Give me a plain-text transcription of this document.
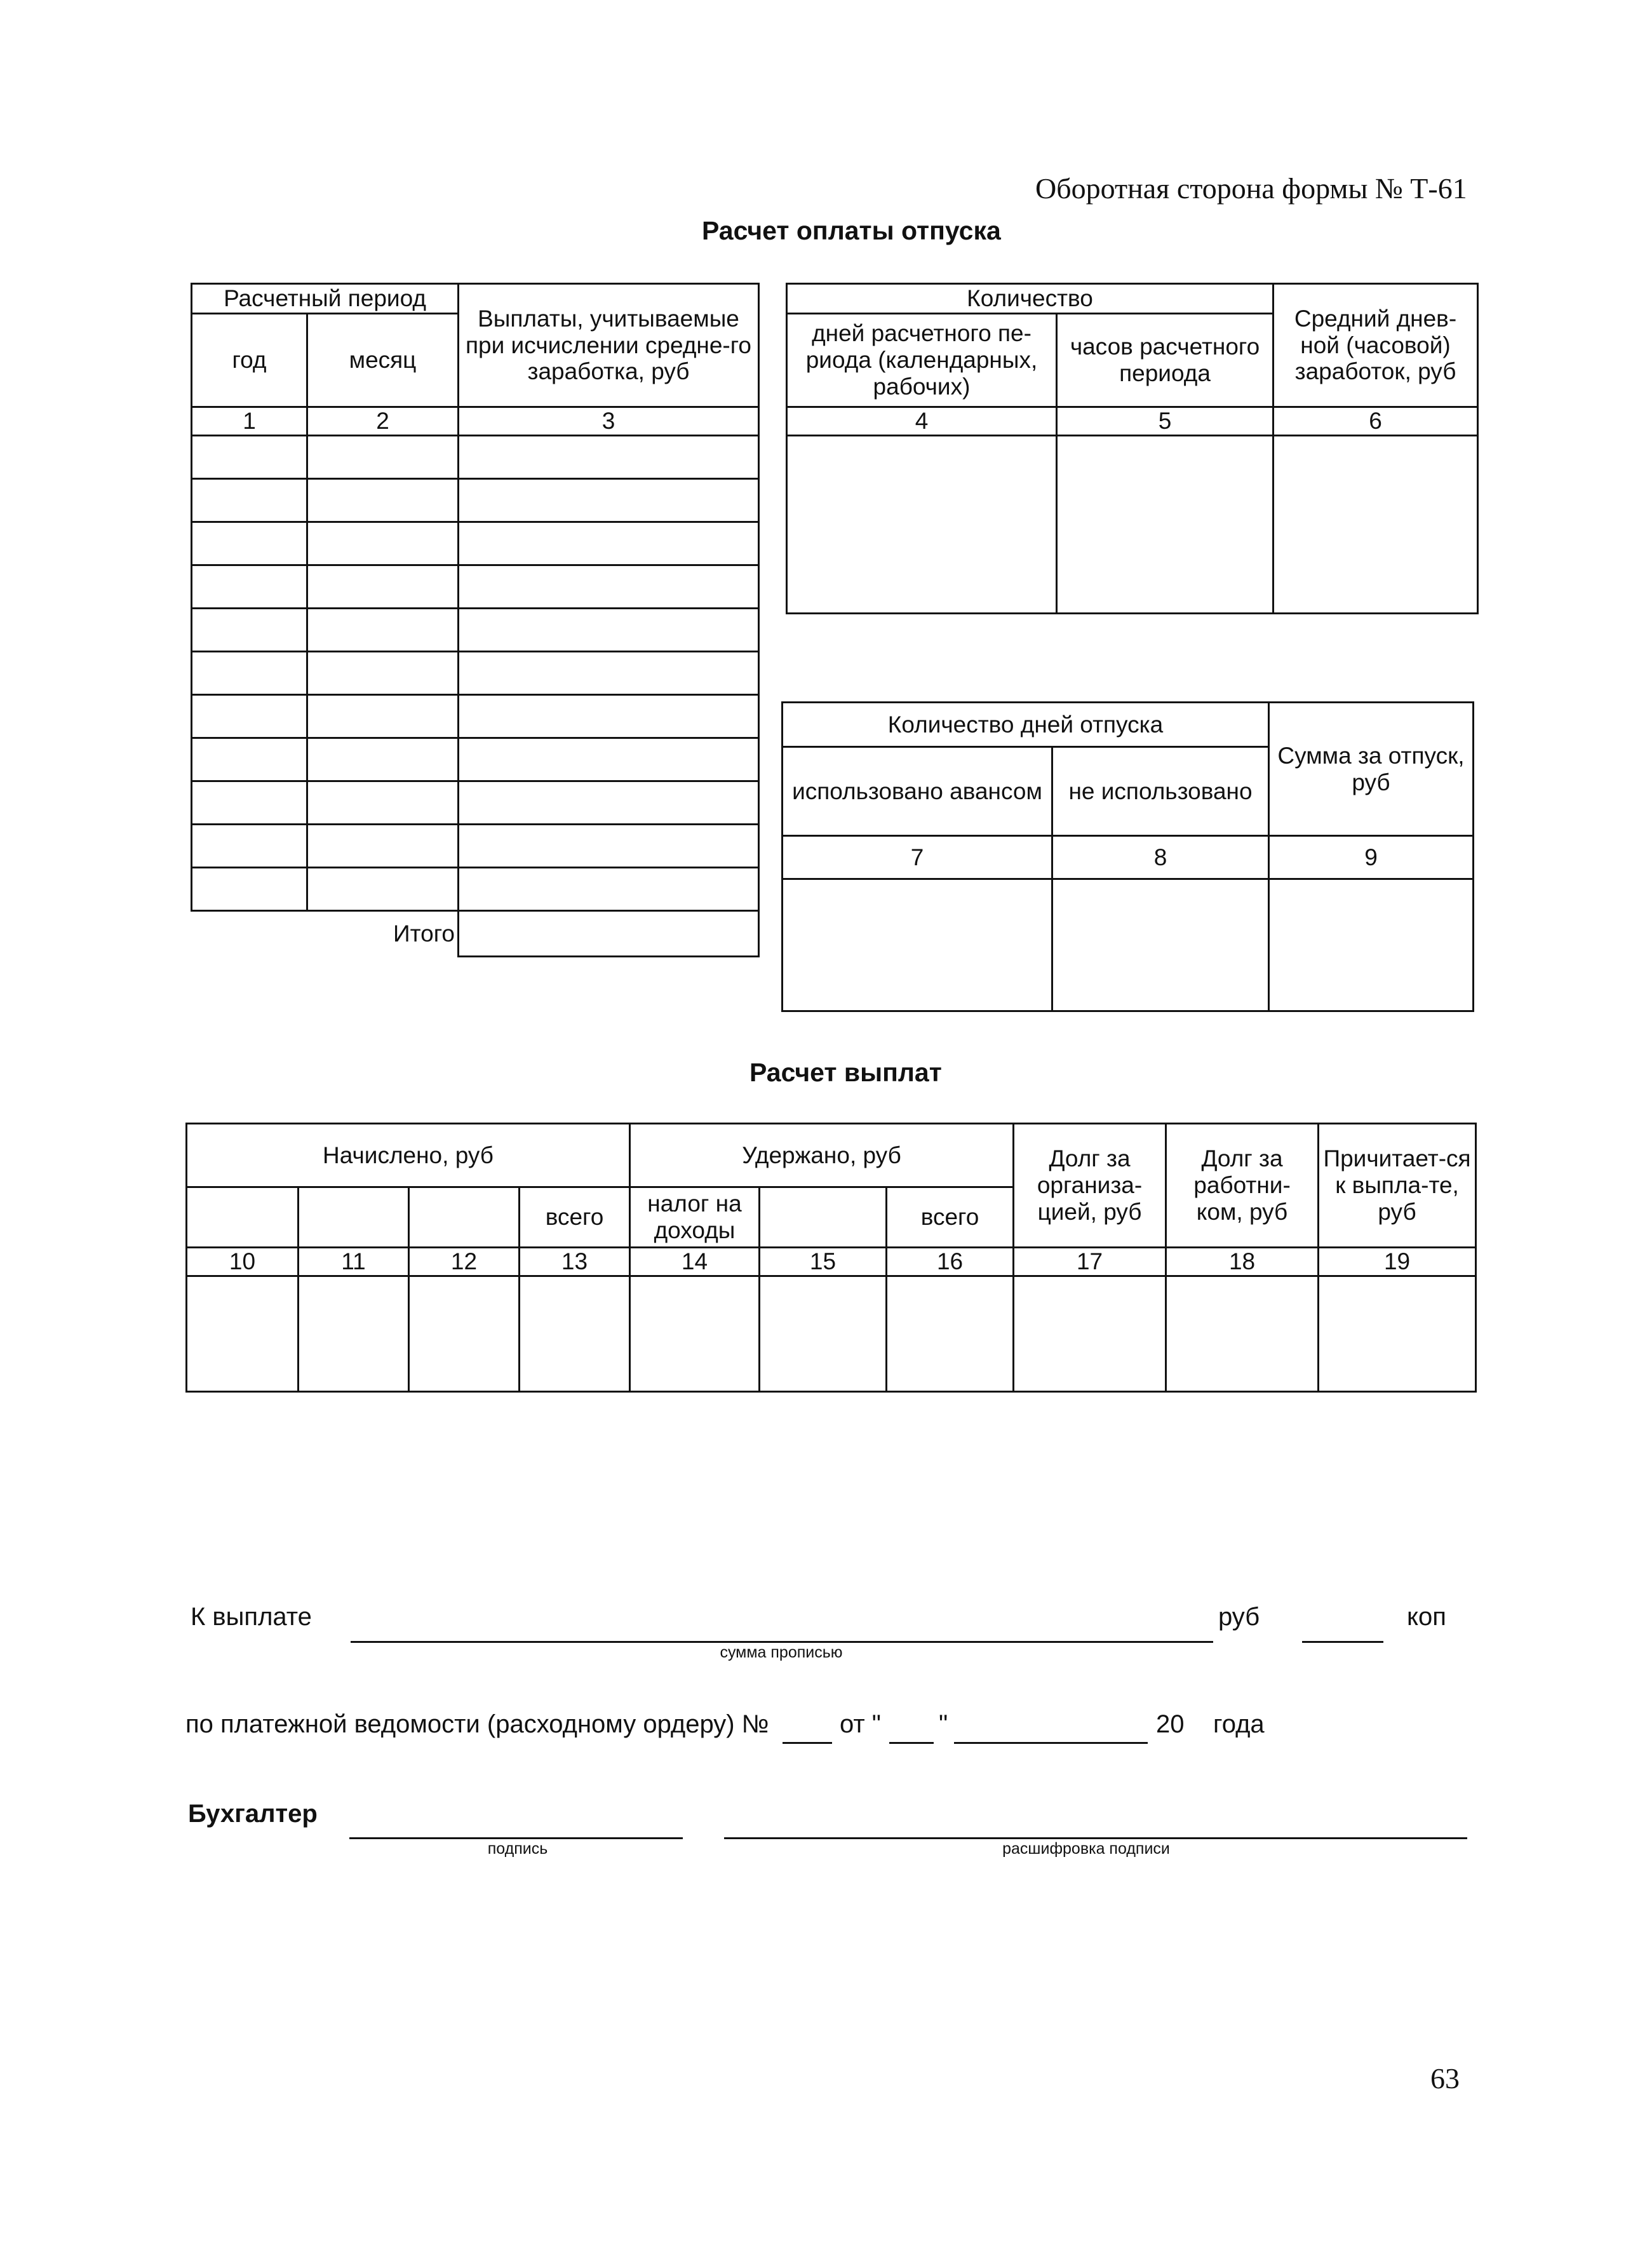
Оборотная сторона формы № Т-61
Расчет оплаты отпуска
Расчетный период		Выплаты, учитываемые при исчислении средне-го заработка, руб
год	месяц	
1	2	3

	Итого	
Количество		Средний днев-ной (часовой) заработок, руб
дней расчетного пе-риода (календарных, рабочих)	часов расчетного периода	
4	5	6

Количество дней отпуска		Сумма за отпуск, руб
использовано авансом	не использовано	
7	8	9

Расчет выплат
Начислено, руб				Удержано, руб			Долг за организа-цией, руб	Долг за работни-ком, руб	Причитает-ся к выпла-те, руб
			всего	налог на доходы		всего			
10	11	12	13	14	15	16	17	18	19

К выплате
сумма прописью
руб	коп
по платежной ведомости (расходному ордеру) №	от " "	20 года
Бухгалтер
подпись	расшифровка подписи
63
